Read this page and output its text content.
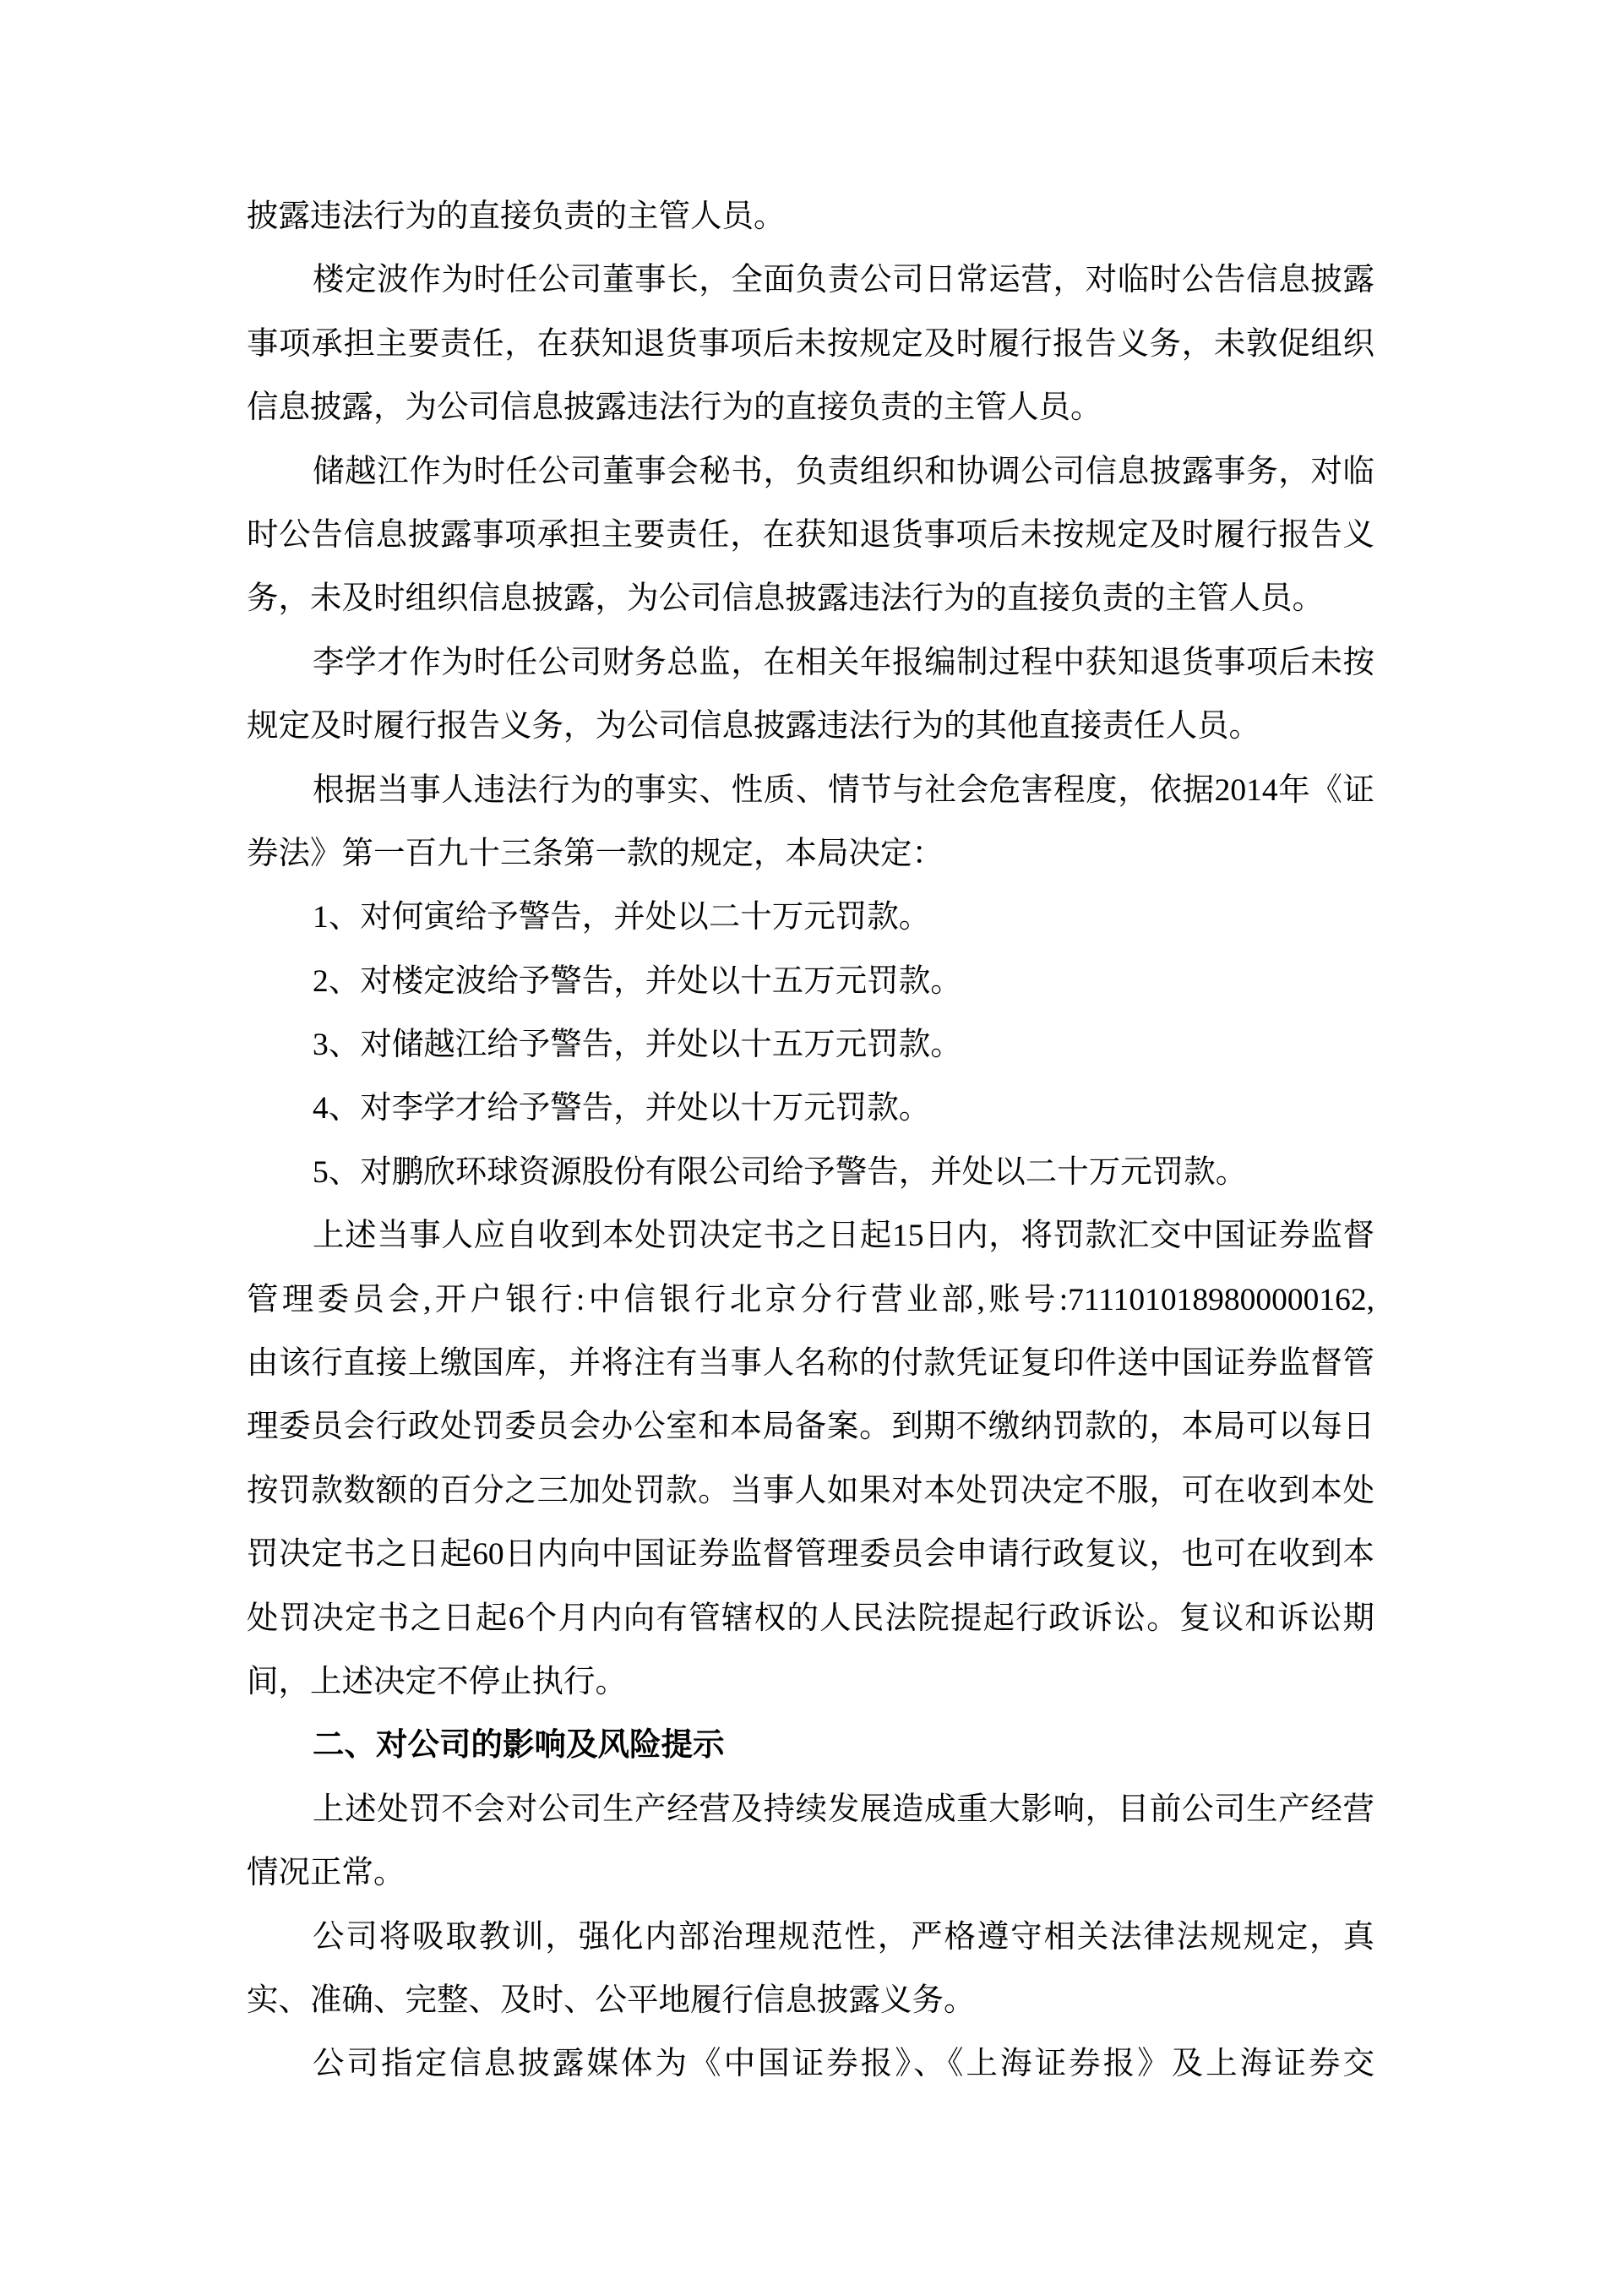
披露违法行为的直接负责的主管人员。
楼定波作为时任公司董事长，全面负责公司日常运营，对临时公告信息披露
事项承担主要责任，在获知退货事项后未按规定及时履行报告义务，未敦促组织
信息披露，为公司信息披露违法行为的直接负责的主管人员。
储越江作为时任公司董事会秘书，负责组织和协调公司信息披露事务，对临
时公告信息披露事项承担主要责任，在获知退货事项后未按规定及时履行报告义
务，未及时组织信息披露，为公司信息披露违法行为的直接负责的主管人员。
李学才作为时任公司财务总监，在相关年报编制过程中获知退货事项后未按
规定及时履行报告义务，为公司信息披露违法行为的其他直接责任人员。
根据当事人违法行为的事实、性质、情节与社会危害程度，依据2014年《证
券法》第一百九十三条第一款的规定，本局决定：
1、对何寅给予警告，并处以二十万元罚款。
2、对楼定波给予警告，并处以十五万元罚款。
3、对储越江给予警告，并处以十五万元罚款。
4、对李学才给予警告，并处以十万元罚款。
5、对鹏欣环球资源股份有限公司给予警告，并处以二十万元罚款。
上述当事人应自收到本处罚决定书之日起15日内，将罚款汇交中国证券监督
管理委员会,开户银行:中信银行北京分行营业部,账号:7111010189800000162,
由该行直接上缴国库，并将注有当事人名称的付款凭证复印件送中国证券监督管
理委员会行政处罚委员会办公室和本局备案。到期不缴纳罚款的，本局可以每日
按罚款数额的百分之三加处罚款。当事人如果对本处罚决定不服，可在收到本处
罚决定书之日起60日内向中国证券监督管理委员会申请行政复议，也可在收到本
处罚决定书之日起6个月内向有管辖权的人民法院提起行政诉讼。复议和诉讼期
间，上述决定不停止执行。
二、对公司的影响及风险提示
上述处罚不会对公司生产经营及持续发展造成重大影响，目前公司生产经营
情况正常。
公司将吸取教训，强化内部治理规范性，严格遵守相关法律法规规定，真
实、准确、完整、及时、公平地履行信息披露义务。
公司指定信息披露媒体为《中国证券报》、《上海证券报》及上海证券交
